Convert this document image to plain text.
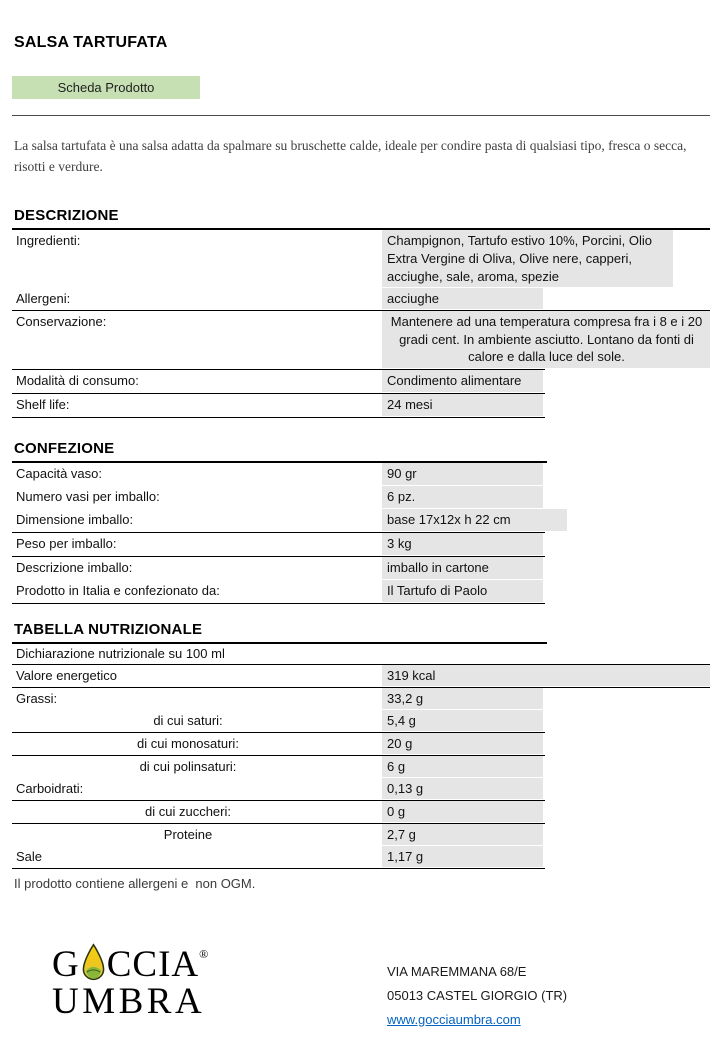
SALSA TARTUFATA
Scheda Prodotto
La salsa tartufata è una salsa adatta da spalmare su bruschette calde, ideale per condire pasta di qualsiasi tipo, fresca o secca, risotti e verdure.
DESCRIZIONE
Ingredienti:	Champignon, Tartufo estivo 10%, Porcini, Olio Extra Vergine di Oliva, Olive nere, capperi, acciughe, sale, aroma, spezie
Allergeni:	acciughe
Conservazione:	Mantenere ad una temperatura compresa fra i 8 e i 20 gradi cent. In ambiente asciutto. Lontano da fonti di calore e dalla luce del sole.
Modalità di consumo:	Condimento alimentare
Shelf life:	24 mesi
CONFEZIONE
Capacità vaso:	90 gr
Numero vasi per imballo:	6 pz.
Dimensione imballo:	base 17x12x h 22 cm
Peso per imballo:	3 kg
Descrizione imballo:	imballo in cartone
Prodotto in Italia e confezionato da:	Il Tartufo di Paolo
TABELLA NUTRIZIONALE
Dichiarazione nutrizionale su 100 ml
Valore energetico	319 kcal
Grassi:	33,2 g
di cui saturi:	5,4 g
di cui monosaturi:	20 g
di cui polinsaturi:	6 g
Carboidrati:	0,13 g
di cui zuccheri:	0 g
Proteine	2,7 g
Sale	1,17 g
Il prodotto contiene allergeni e  non OGM.
G CCIA®
UMBRA
VIA MAREMMANA 68/E
05013 CASTEL GIORGIO (TR)
www.gocciaumbra.com
